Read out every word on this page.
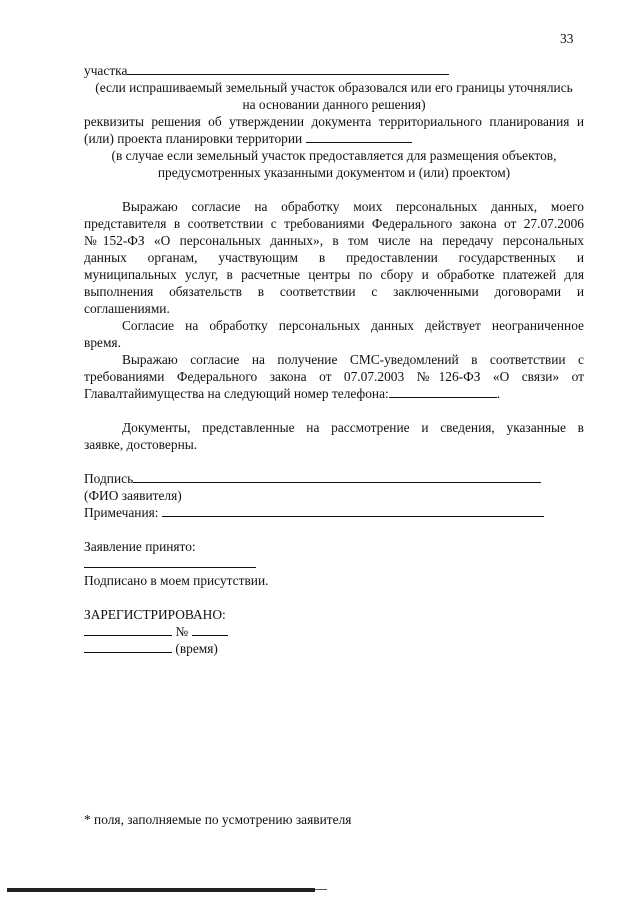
33
участка
(если испрашиваемый земельный участок образовался или его границы уточнялись
на основании данного решения)
реквизиты решения об утверждении документа территориального планирования и
(или) проекта планировки территории
(в случае если земельный участок предоставляется для размещения объектов,
предусмотренных указанными документом и (или) проектом)
Выражаю согласие на обработку моих персональных данных, моего
представителя в соответствии с требованиями Федерального закона от 27.07.2006
№152-ФЗ «О персональных данных», в том числе на передачу персональных
данных органам, участвующим в предоставлении государственных и
муниципальных услуг, в расчетные центры по сбору и обработке платежей для
выполнения обязательств в соответствии с заключенными договорами и
соглашениями.
Согласие на обработку персональных данных действует неограниченное
время.
Выражаю согласие на получение СМС-уведомлений в соответствии с
требованиями Федерального закона от 07.07.2003 №126-ФЗ «О связи» от
Главалтайимущества на следующий номер телефона:	.
Документы, представленные на рассмотрение и сведения, указанные в
заявке, достоверны.
Подпись
(ФИО заявителя)
Примечания:
Заявление принято:
Подписано в моем присутствии.
ЗАРЕГИСТРИРОВАНО:
№
(время)
* поля, заполняемые по усмотрению заявителя
